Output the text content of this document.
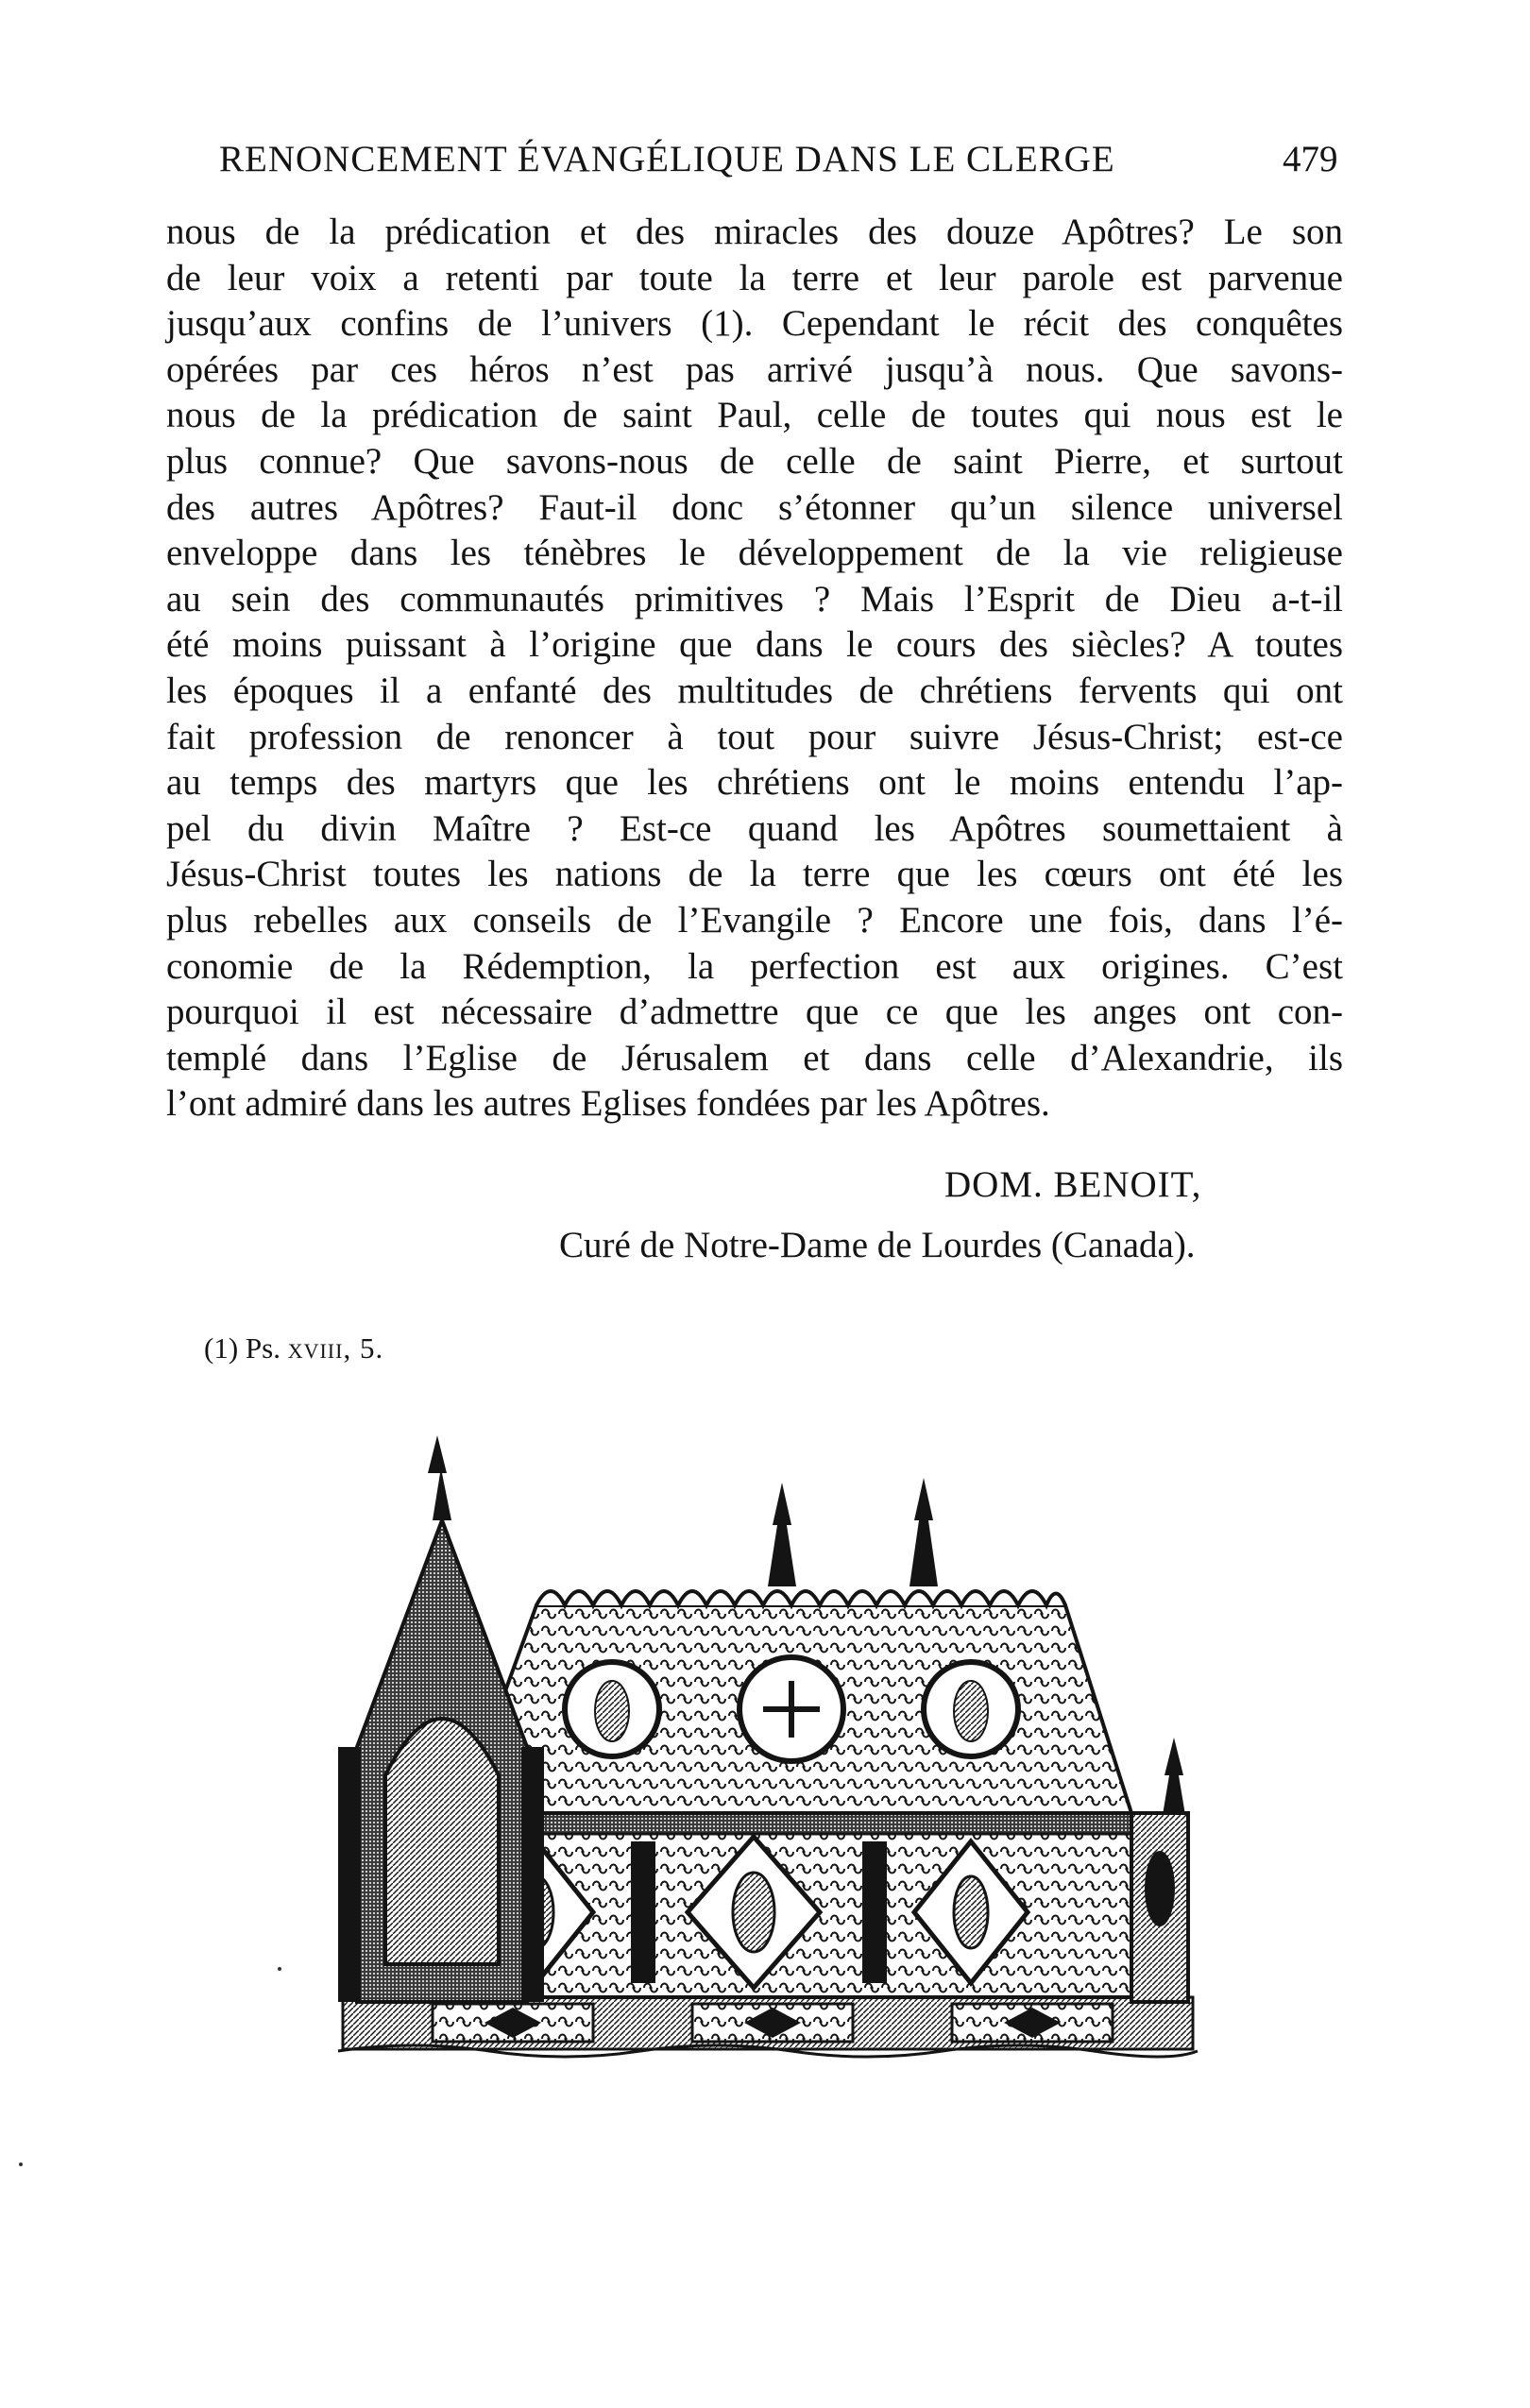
RENONCEMENT ÉVANGÉLIQUE DANS LE CLERGE	479
nous de la prédication et des miracles des douze Apôtres? Le son
de leur voix a retenti par toute la terre et leur parole est parvenue
jusqu’aux confins de l’univers (1). Cependant le récit des conquêtes
opérées par ces héros n’est pas arrivé jusqu’à nous. Que savons-
nous de la prédication de saint Paul, celle de toutes qui nous est le
plus connue? Que savons-nous de celle de saint Pierre, et surtout
des autres Apôtres? Faut-il donc s’étonner qu’un silence universel
enveloppe dans les ténèbres le développement de la vie religieuse
au sein des communautés primitives ? Mais l’Esprit de Dieu a-t-il
été moins puissant à l’origine que dans le cours des siècles? A toutes
les époques il a enfanté des multitudes de chrétiens fervents qui ont
fait profession de renoncer à tout pour suivre Jésus-Christ; est-ce
au temps des martyrs que les chrétiens ont le moins entendu l’ap-
pel du divin Maître ? Est-ce quand les Apôtres soumettaient à
Jésus-Christ toutes les nations de la terre que les cœurs ont été les
plus rebelles aux conseils de l’Evangile ? Encore une fois, dans l’é-
conomie de la Rédemption, la perfection est aux origines. C’est
pourquoi il est nécessaire d’admettre que ce que les anges ont con-
templé dans l’Eglise de Jérusalem et dans celle d’Alexandrie, ils
l’ont admiré dans les autres Eglises fondées par les Apôtres.
DOM. BENOIT,
Curé de Notre-Dame de Lourdes (Canada).
(1) Ps. xviii, 5.
